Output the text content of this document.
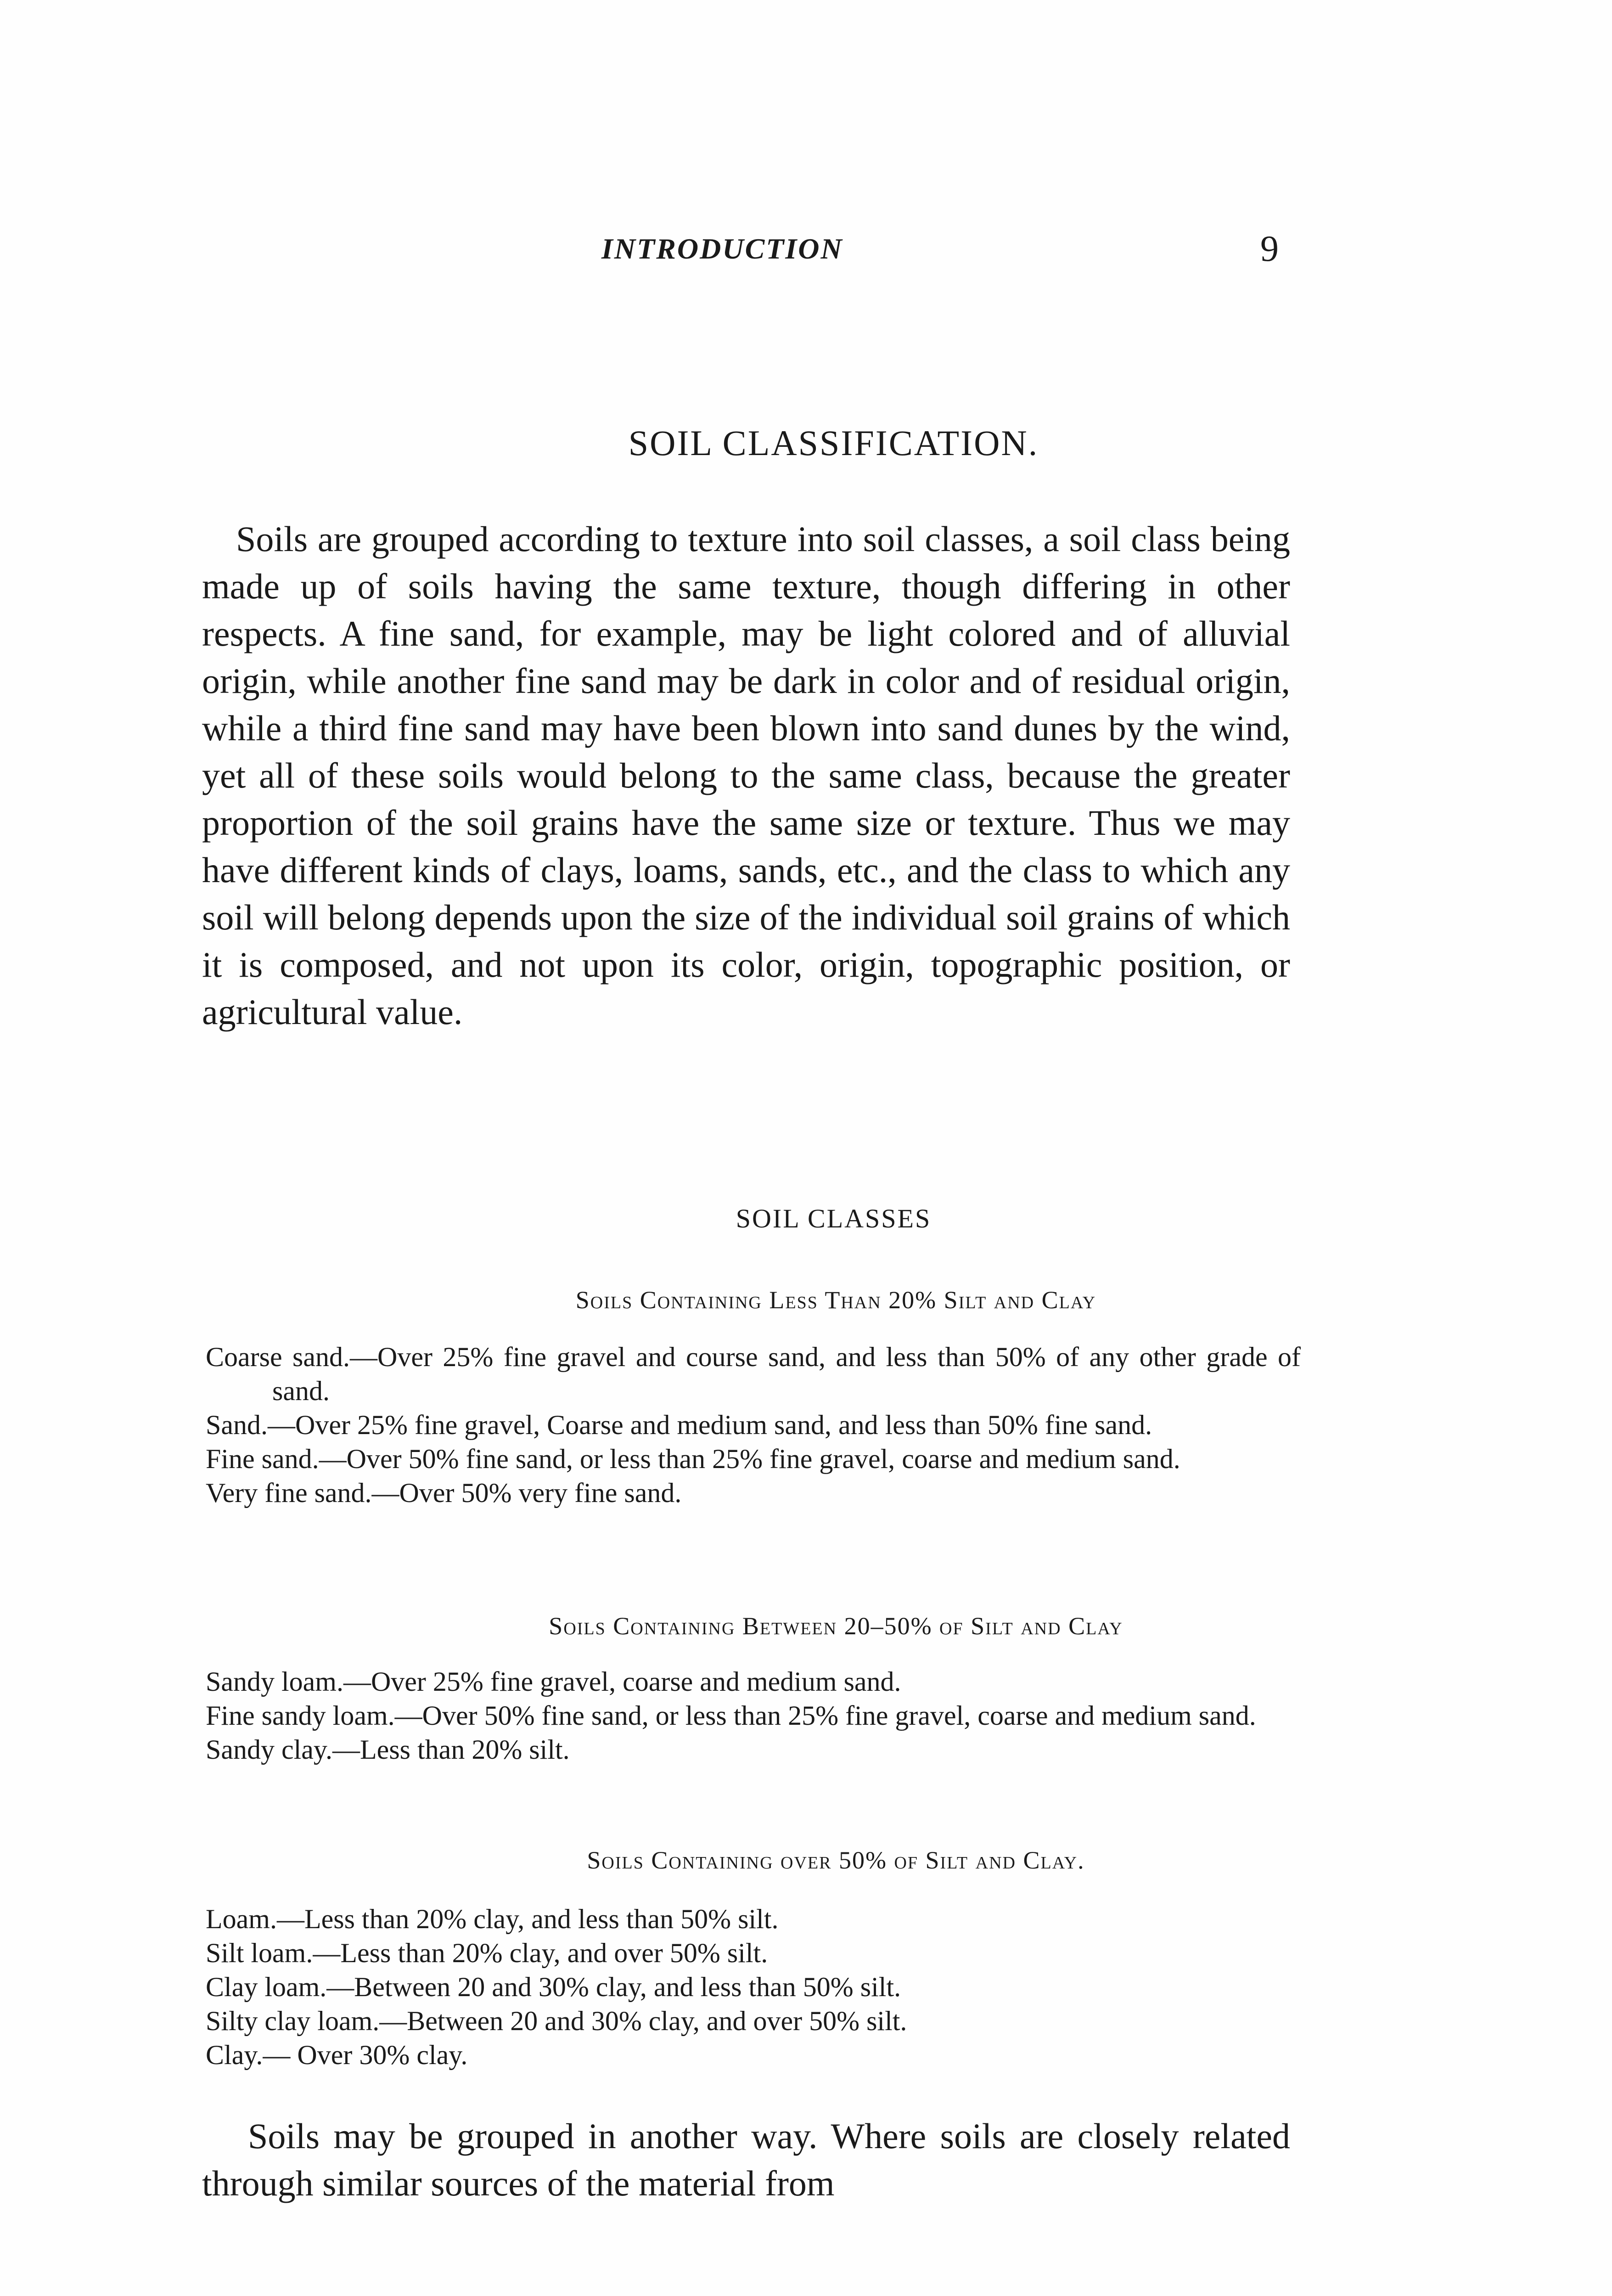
INTRODUCTION	9
SOIL CLASSIFICATION.

Soils are grouped according to texture into soil classes, a soil class being made up of soils having the same texture, though differing in other respects. A fine sand, for example, may be light colored and of alluvial origin, while another fine sand may be dark in color and of residual origin, while a third fine sand may have been blown into sand dunes by the wind, yet all of these soils would belong to the same class, because the greater proportion of the soil grains have the same size or texture. Thus we may have different kinds of clays, loams, sands, etc., and the class to which any soil will belong depends upon the size of the individual soil grains of which it is composed, and not upon its color, origin, topographic position, or agricultural value.

SOIL CLASSES
Soils Containing Less Than 20% Silt and Clay

Coarse sand.—Over 25% fine gravel and course sand, and less than 50% of any other grade of sand.

Sand.—Over 25% fine gravel, Coarse and medium sand, and less than 50% fine sand.

Fine sand.—Over 50% fine sand, or less than 25% fine gravel, coarse and medium sand.

Very fine sand.—Over 50% very fine sand.

Soils Containing Between 20–50% of Silt and Clay

Sandy loam.—Over 25% fine gravel, coarse and medium sand.

Fine sandy loam.—Over 50% fine sand, or less than 25% fine gravel, coarse and medium sand.

Sandy clay.—Less than 20% silt.

Soils Containing over 50% of Silt and Clay.

Loam.—Less than 20% clay, and less than 50% silt.

Silt loam.—Less than 20% clay, and over 50% silt.

Clay loam.—Between 20 and 30% clay, and less than 50% silt.

Silty clay loam.—Between 20 and 30% clay, and over 50% silt.

Clay.— Over 30% clay.

Soils may be grouped in another way. Where soils are closely related through similar sources of the material from
